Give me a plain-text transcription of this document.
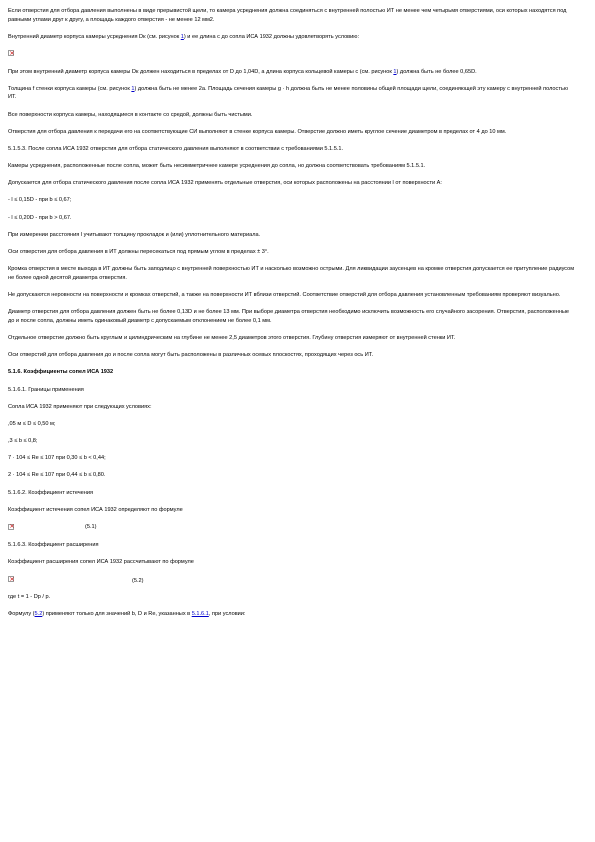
Если отверстия для отбора давления выполнены в виде прерывистой щели, то камера усреднения должна соединяться с внутренней полостью ИТ не менее чем четырьмя отверстиями, оси которых находятся под равными углами друг к другу, а площадь каждого отверстия - не менее 12 мм2.

Внутренний диаметр корпуса камеры усреднения Dк (см. рисунок 1) и ее длина c до сопла ИСА 1932 должны удовлетворять условию:

×

При этом внутренний диаметр корпуса камеры Dк должен находиться в пределах от D до 1,04D, а длина корпуса кольцевой камеры c (см. рисунок 1) должна быть не более 0,65D.

Толщина f стенки корпуса камеры (см. рисунок 1) должна быть не менее 2a. Площадь сечения камеры g · h должна быть не менее половины общей площади щели, соединяющей эту камеру с внутренней полостью ИТ.

Все поверхности корпуса камеры, находящиеся в контакте со средой, должны быть чистыми.

Отверстия для отбора давления к передачи его на соответствующие СИ выполняют в стенке корпуса камеры. Отверстие должно иметь круглое сечение диаметром в пределах от 4 до 10 мм.

5.1.5.3. После сопла ИСА 1932 отверстия для отбора статического давления выполняют в соответствии с требованиями 5.1.5.1.

Камеры усреднения, расположенные после сопла, может быть несимметричнее камере усреднения до сопла, но должна соответствовать требованиям 5.1.5.1.

Допускается для отбора статического давления после сопла ИСА 1932 применять отдельные отверстия, оси которых расположены на расстоянии l от поверхности A:

- l ≤ 0,15D - при b ≤ 0,67;

- l ≤ 0,20D - при b > 0,67.

При измерении расстояния l учитывают толщину прокладок и (или) уплотнительного материала.

Оси отверстия для отбора давления в ИТ должны пересекаться под прямым углом в пределах ± 3°.

Кромка отверстия в месте выхода в ИТ должны быть заподлицо с внутренней поверхностью ИТ и насколько возможно острыми. Для ликвидации заусенцев на кромке отверстия допускается ее притупление радиусом не более одной десятой диаметра отверстия.

Не допускаются неровности на поверхности и кромках отверстий, а также на поверхности ИТ вблизи отверстий. Соответствие отверстий для отбора давления установленным требованиям проверяют визуально.

Диаметр отверстия для отбора давления должен быть не более 0,13D и не более 13 мм. При выборе диаметра отверстия необходимо исключить возможность его случайного засорения. Отверстия, расположенные до и после сопла, должны иметь одинаковый диаметр с допускаемым отклонением не более 0,1 мм.

Отдельное отверстие должно быть круглым и цилиндрическим на глубине не менее 2,5 диаметров этого отверстия. Глубину отверстия измеряют от внутренней стенки ИТ.

Оси отверстий для отбора давления до и после сопла могут быть расположены в различных осевых плоскостях, проходящих через ось ИТ.

5.1.6. Коэффициенты сопел ИСА 1932

5.1.6.1. Границы применения

Сопла ИСА 1932 применяют при следующих условиях:

,05 м ≤ D ≤ 0,50 м;

,3 ≤ b ≤ 0,8;

7 · 104 ≤ Re ≤ 107 при 0,30 ≤ b < 0,44;

2 · 104 ≤ Re ≤ 107 при 0,44 ≤ b ≤ 0,80.

5.1.6.2. Коэффициент истечения

Коэффициент истечения сопел ИСА 1932 определяют по формуле

×
(5.1)

5.1.6.3. Коэффициент расширения

Коэффициент расширения сопел ИСА 1932 рассчитывают по формуле

×
(5.2)

где t = 1 - Dp / p.

Формулу (5.2) применяют только для значений b, D и Re, указанных в 5.1.6.1, при условии:
